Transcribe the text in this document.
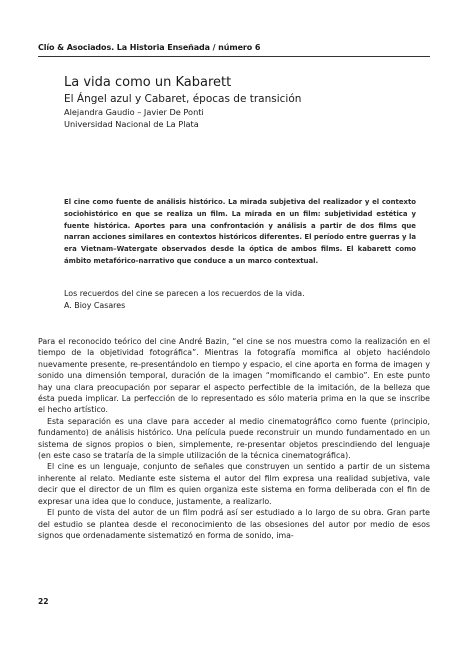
Clío & Asociados. La Historia Enseñada / número 6
La vida como un Kabarett
El Ángel azul y Cabaret, épocas de transición
Alejandra Gaudio – Javier De Ponti
Universidad Nacional de La Plata
El cine como fuente de análisis histórico. La mirada subjetiva del realizador y el contexto sociohistórico en que se realiza un film. La mirada en un film: subjetividad estética y fuente histórica. Aportes para una confrontación y análisis a partir de dos films que narran acciones similares en contextos históricos diferentes. El período entre guerras y la era Vietnam–Watergate observados desde la óptica de ambos films. El kabarett como ámbito metafórico-narrativo que conduce a un marco contextual.
Los recuerdos del cine se parecen a los recuerdos de la vida.
A. Bioy Casares

Para el reconocido teórico del cine André Bazin, “el cine se nos muestra como la realización en el tiempo de la objetividad fotográfica”. Mientras la fotografía momifica al objeto haciéndolo nuevamente presente, re-presentándolo en tiempo y espacio, el cine aporta en forma de imagen y sonido una dimensión temporal, duración de la imagen “momificando el cambio”. En este punto hay una clara preocupación por separar el aspecto perfectible de la imitación, de la belleza que ésta pueda implicar. La perfección de lo representado es sólo materia prima en la que se inscribe el hecho artístico.

Esta separación es una clave para acceder al medio cinematográfico como fuente (principio, fundamento) de análisis histórico. Una película puede reconstruir un mundo fundamentado en un sistema de signos propios o bien, simplemente, re-presentar objetos prescindiendo del lenguaje (en este caso se trataría de la simple utilización de la técnica cinematográfica).

El cine es un lenguaje, conjunto de señales que construyen un sentido a partir de un sistema inherente al relato. Mediante este sistema el autor del film expresa una realidad subjetiva, vale decir que el director de un film es quien organiza este sistema en forma deliberada con el fin de expresar una idea que lo conduce, justamente, a realizarlo.

El punto de vista del autor de un film podrá así ser estudiado a lo largo de su obra. Gran parte del estudio se plantea desde el reconocimiento de las obsesiones del autor por medio de esos signos que ordenadamente sistematizó en forma de sonido, ima-

22
